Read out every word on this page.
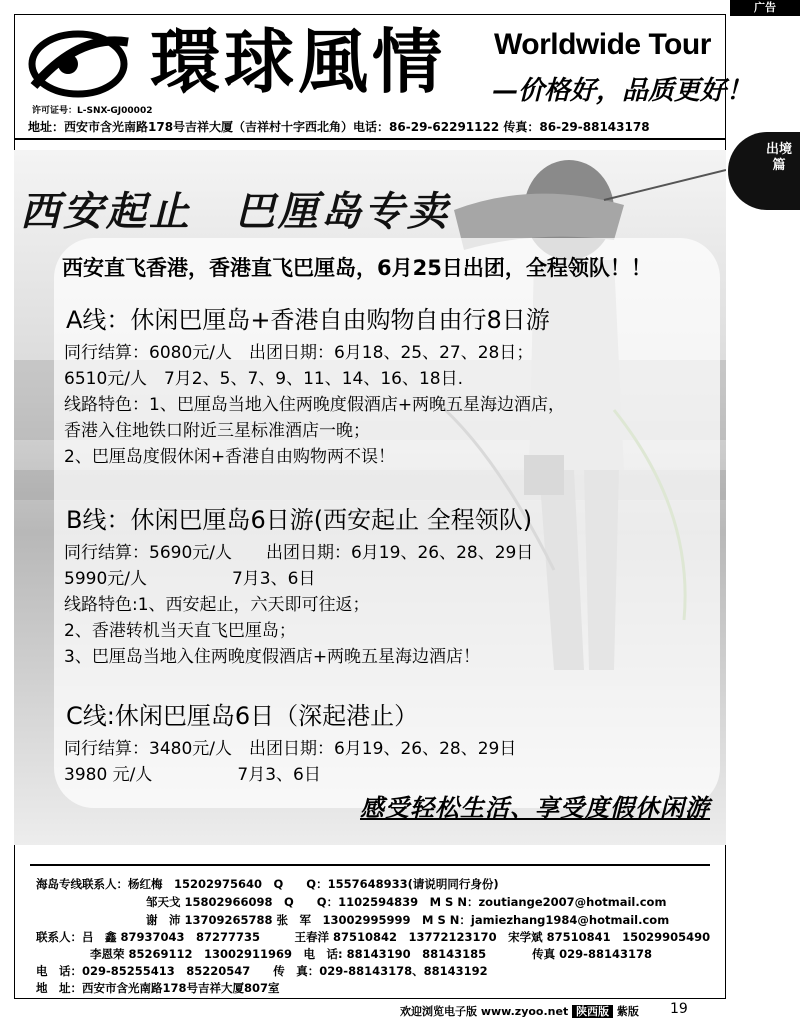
广告
環球風情 Worldwide Tour
—价格好，品质更好！
许可证号：L-SNX-GJ00002
地址：西安市含光南路178号吉祥大厦（吉祥村十字西北角）电话：86-29-62291122 传真：86-29-88143178
出境篇
西安起止　巴厘岛专卖
西安直飞香港，香港直飞巴厘岛，6月25日出团，全程领队！！
A线：休闲巴厘岛+香港自由购物自由行8日游
同行结算：6080元/人　出团日期：6月18、25、27、28日；
6510元/人　7月2、5、7、9、11、14、16、18日.
线路特色：1、巴厘岛当地入住两晚度假酒店+两晚五星海边酒店，
香港入住地铁口附近三星标准酒店一晚；
2、巴厘岛度假休闲+香港自由购物两不误！
B线：休闲巴厘岛6日游(西安起止 全程领队)
同行结算：5690元/人　　出团日期：6月19、26、28、29日
5990元/人　　　　　7月3、6日
线路特色:1、西安起止，六天即可往返；
2、香港转机当天直飞巴厘岛；
3、巴厘岛当地入住两晚度假酒店+两晚五星海边酒店！
C线:休闲巴厘岛6日（深起港止）
同行结算：3480元/人　出团日期：6月19、26、28、29日
3980 元/人　　　　　7月3、6日
感受轻松生活、享受度假休闲游
海岛专线联系人：杨红梅　15202975640　Q　　Q：1557648933(请说明同行身份)
邹天戈 15802966098　Q　　Q：1102594839　M S N：zoutiange2007@hotmail.com
谢　沛 13709265788 张　军　13002995999　M S N：jamiezhang1984@hotmail.com
联系人：吕　鑫 87937043　87277735　　　王春洋 87510842　13772123170　宋学斌 87510841　15029905490
李恩荣 85269112　13002911969　电　话: 88143190　88143185　　　　传真 029-88143178
电　话：029-85255413　85220547　　传　真：029-88143178、88143192
地　址：西安市含光南路178号吉祥大厦807室
欢迎浏览电子版 www.zyoo.net 陕西版 紫版 19
